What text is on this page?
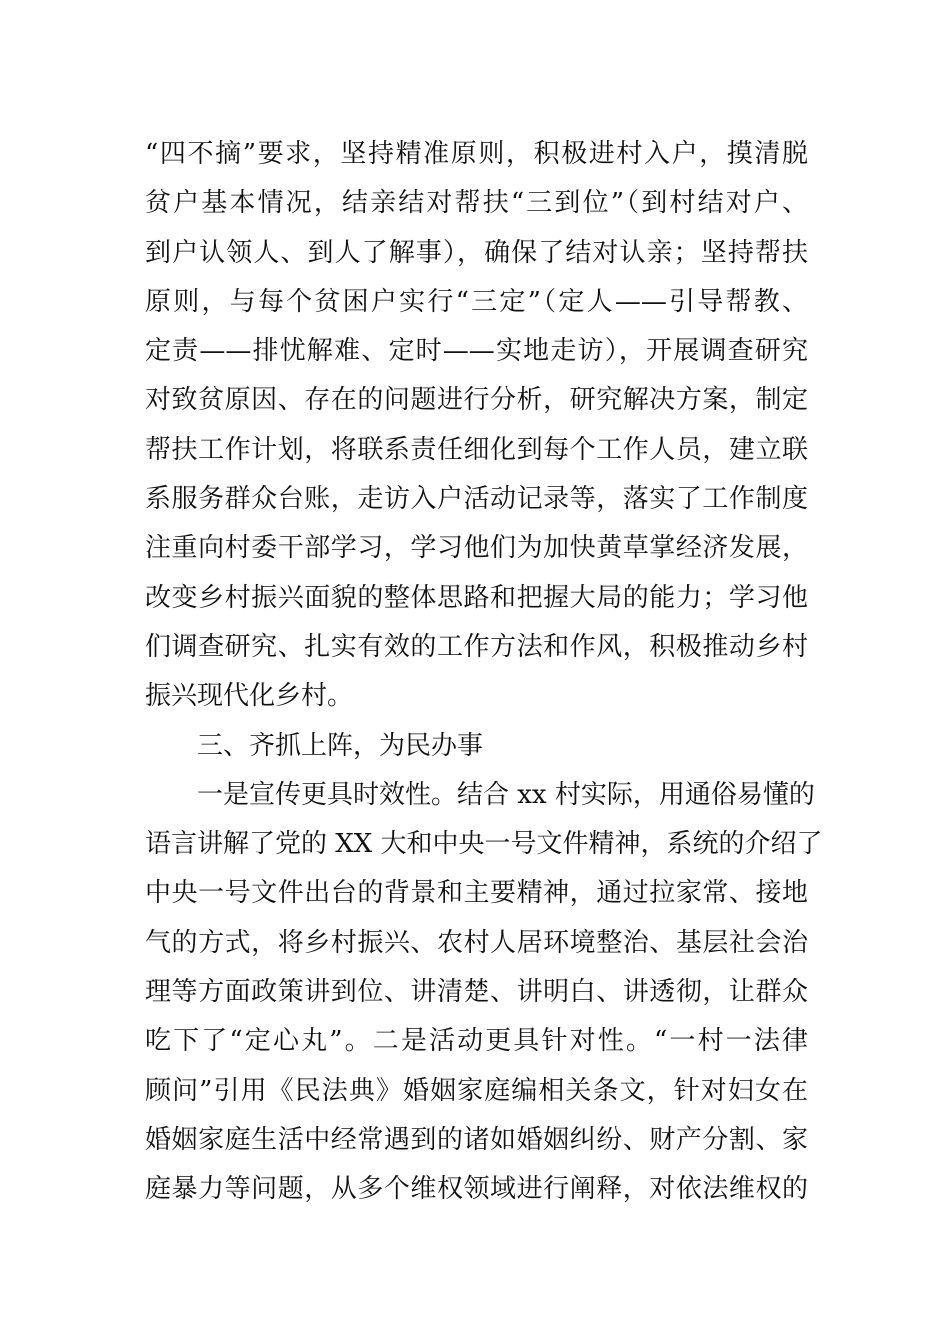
“四不摘”要求，坚持精准原则，积极进村入户，摸清脱
贫户基本情况，结亲结对帮扶“三到位”（到村结对户、
到户认领人、到人了解事），确保了结对认亲；坚持帮扶
原则，与每个贫困户实行“三定”（定人——引导帮教、
定责——排忧解难、定时——实地走访），开展调查研究
对致贫原因、存在的问题进行分析，研究解决方案，制定
帮扶工作计划，将联系责任细化到每个工作人员，建立联
系服务群众台账，走访入户活动记录等，落实了工作制度
注重向村委干部学习，学习他们为加快黄草掌经济发展，
改变乡村振兴面貌的整体思路和把握大局的能力；学习他
们调查研究、扎实有效的工作方法和作风，积极推动乡村
振兴现代化乡村。
三、齐抓上阵，为民办事
一是宣传更具时效性。结合 xx 村实际，用通俗易懂的
语言讲解了党的 XX 大和中央一号文件精神，系统的介绍了
中央一号文件出台的背景和主要精神，通过拉家常、接地
气的方式，将乡村振兴、农村人居环境整治、基层社会治
理等方面政策讲到位、讲清楚、讲明白、讲透彻，让群众
吃下了“定心丸”。二是活动更具针对性。“一村一法律
顾问”引用《民法典》婚姻家庭编相关条文，针对妇女在
婚姻家庭生活中经常遇到的诸如婚姻纠纷、财产分割、家
庭暴力等问题，从多个维权领域进行阐释，对依法维权的
